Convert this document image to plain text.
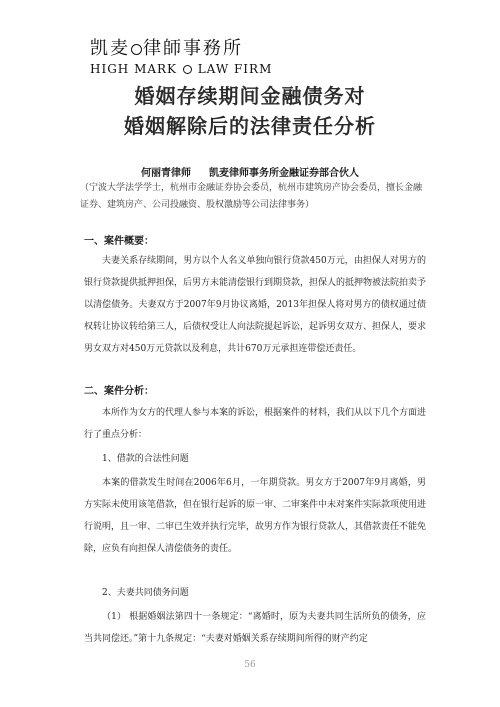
凯麦 律師事務所
HIGH MARK LAW FIRM
婚姻存续期间金融债务对
婚姻解除后的法律责任分析
何丽青律师 凯麦律师事务所金融证券部合伙人
（宁波大学法学学士，杭州市金融证券协会委员，杭州市建筑房产协会委员，擅长金融证券、建筑房产、公司投融资、股权激励等公司法律事务）
一、案件概要：
夫妻关系存续期间，男方以个人名义单独向银行贷款450万元，由担保人对男方的银行贷款提供抵押担保，后男方未能清偿银行到期贷款，担保人的抵押物被法院拍卖予以清偿债务。夫妻双方于2007年9月协议离婚，2013年担保人将对男方的债权通过债权转让协议转给第三人，后债权受让人向法院提起诉讼，起诉男女双方、担保人，要求男女双方对450万元贷款以及利息，共计670万元承担连带偿还责任。
二、案件分析：
本所作为女方的代理人参与本案的诉讼，根据案件的材料，我们从以下几个方面进行了重点分析：
1、借款的合法性问题
本案的借款发生时间在2006年6月，一年期贷款。男女方于2007年9月离婚，男方实际未使用该笔借款，但在银行起诉的原一审、二审案件中未对案件实际款项使用进行说明，且一审、二审已生效并执行完毕，故男方作为银行贷款人，其借款责任不能免除，应负有向担保人清偿债务的责任。
2、夫妻共同债务问题
（1） 根据婚姻法第四十一条规定：“离婚时，原为夫妻共同生活所负的债务，应当共同偿还。”第十九条规定：“夫妻对婚姻关系存续期间所得的财产约定
56
